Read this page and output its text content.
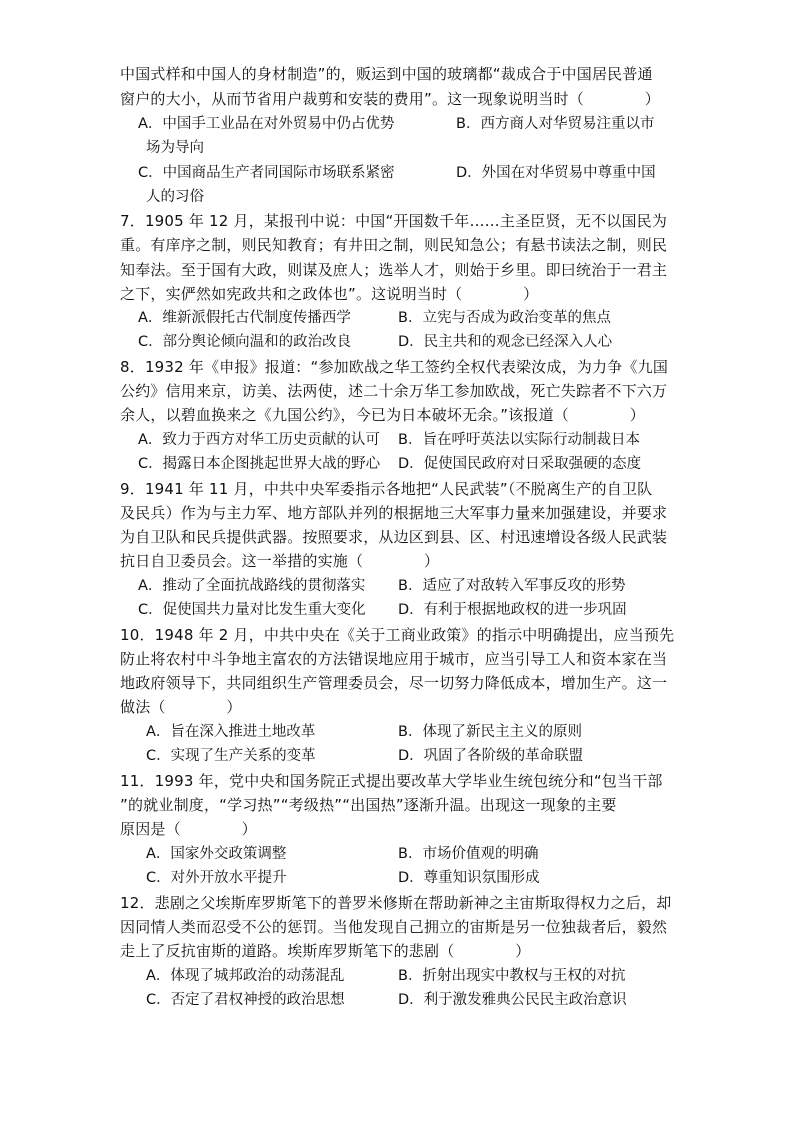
中国式样和中国人的身材制造”的，贩运到中国的玻璃都“裁成合于中国居民普通
窗户的大小，从而节省用户裁剪和安装的费用”。这一现象说明当时（　　　　）
A．中国手工业品在对外贸易中仍占优势	B．西方商人对华贸易注重以市
场为导向
C．中国商品生产者同国际市场联系紧密	D．外国在对华贸易中尊重中国
人的习俗
7．1905 年 12 月，某报刊中说：中国“开国数千年……主圣臣贤，无不以国民为
重。有庠序之制，则民知教育；有井田之制，则民知急公；有悬书读法之制，则民
知奉法。至于国有大政，则谋及庶人；选举人才，则始于乡里。即曰统治于一君主
之下，实俨然如宪政共和之政体也”。这说明当时（　　　　）
A．维新派假托古代制度传播西学	B．立宪与否成为政治变革的焦点
C．部分舆论倾向温和的政治改良	D．民主共和的观念已经深入人心
8．1932 年《申报》报道：“参加欧战之华工签约全权代表梁汝成，为力争《九国
公约》信用来京，访美、法两使，述二十余万华工参加欧战，死亡失踪者不下六万
余人，以碧血换来之《九国公约》，今已为日本破坏无余。”该报道（　　　　）
A．致力于西方对华工历史贡献的认可 B．旨在呼吁英法以实际行动制裁日本
C．揭露日本企图挑起世界大战的野心 D．促使国民政府对日采取强硬的态度
9．1941 年 11 月，中共中央军委指示各地把“人民武装”（不脱离生产的自卫队
及民兵）作为与主力军、地方部队并列的根据地三大军事力量来加强建设，并要求
为自卫队和民兵提供武器。按照要求，从边区到县、区、村迅速增设各级人民武装
抗日自卫委员会。这一举措的实施（　　　　）
A．推动了全面抗战路线的贯彻落实 B．适应了对敌转入军事反攻的形势
C．促使国共力量对比发生重大变化 D．有利于根据地政权的进一步巩固
10．1948 年 2 月，中共中央在《关于工商业政策》的指示中明确提出，应当预先
防止将农村中斗争地主富农的方法错误地应用于城市，应当引导工人和资本家在当
地政府领导下，共同组织生产管理委员会，尽一切努力降低成本，增加生产。这一
做法（　　　　）
A．旨在深入推进土地改革	B．体现了新民主主义的原则
C．实现了生产关系的变革	D．巩固了各阶级的革命联盟
11．1993 年，党中央和国务院正式提出要改革大学毕业生统包统分和“包当干部
”的就业制度，“学习热”“考级热”“出国热”逐渐升温。出现这一现象的主要
原因是（　　　　）
A．国家外交政策调整	B．市场价值观的明确
C．对外开放水平提升	D．尊重知识氛围形成
12．悲剧之父埃斯库罗斯笔下的普罗米修斯在帮助新神之主宙斯取得权力之后，却
因同情人类而忍受不公的惩罚。当他发现自己拥立的宙斯是另一位独裁者后，毅然
走上了反抗宙斯的道路。埃斯库罗斯笔下的悲剧（　　　　）
A．体现了城邦政治的动荡混乱	B．折射出现实中教权与王权的对抗
C．否定了君权神授的政治思想	D．利于激发雅典公民民主政治意识
